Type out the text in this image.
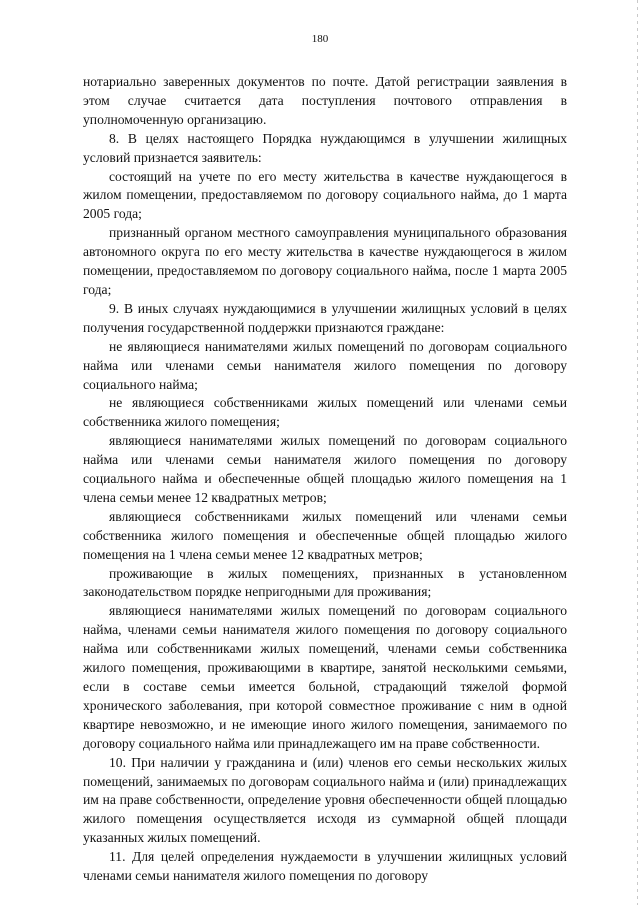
180

нотариально заверенных документов по почте. Датой регистрации заявления в этом случае считается дата поступления почтового отправления в уполномоченную организацию.

8. В целях настоящего Порядка нуждающимся в улучшении жилищных условий признается заявитель:

состоящий на учете по его месту жительства в качестве нуждающегося в жилом помещении, предоставляемом по договору социального найма, до 1 марта 2005 года;

признанный органом местного самоуправления муниципального образования автономного округа по его месту жительства в качестве нуждающегося в жилом помещении, предоставляемом по договору социального найма, после 1 марта 2005 года;

9. В иных случаях нуждающимися в улучшении жилищных условий в целях получения государственной поддержки признаются граждане:

не являющиеся нанимателями жилых помещений по договорам социального найма или членами семьи нанимателя жилого помещения по договору социального найма;

не являющиеся собственниками жилых помещений или членами семьи собственника жилого помещения;

являющиеся нанимателями жилых помещений по договорам социального найма или членами семьи нанимателя жилого помещения по договору социального найма и обеспеченные общей площадью жилого помещения на 1 члена семьи менее 12 квадратных метров;

являющиеся собственниками жилых помещений или членами семьи собственника жилого помещения и обеспеченные общей площадью жилого помещения на 1 члена семьи менее 12 квадратных метров;

проживающие в жилых помещениях, признанных в установленном законодательством порядке непригодными для проживания;

являющиеся нанимателями жилых помещений по договорам социального найма, членами семьи нанимателя жилого помещения по договору социального найма или собственниками жилых помещений, членами семьи собственника жилого помещения, проживающими в квартире, занятой несколькими семьями, если в составе семьи имеется больной, страдающий тяжелой формой хронического заболевания, при которой совместное проживание с ним в одной квартире невозможно, и не имеющие иного жилого помещения, занимаемого по договору социального найма или принадлежащего им на праве собственности.

10. При наличии у гражданина и (или) членов его семьи нескольких жилых помещений, занимаемых по договорам социального найма и (или) принадлежащих им на праве собственности, определение уровня обеспеченности общей площадью жилого помещения осуществляется исходя из суммарной общей площади указанных жилых помещений.

11. Для целей определения нуждаемости в улучшении жилищных условий членами семьи нанимателя жилого помещения по договору
